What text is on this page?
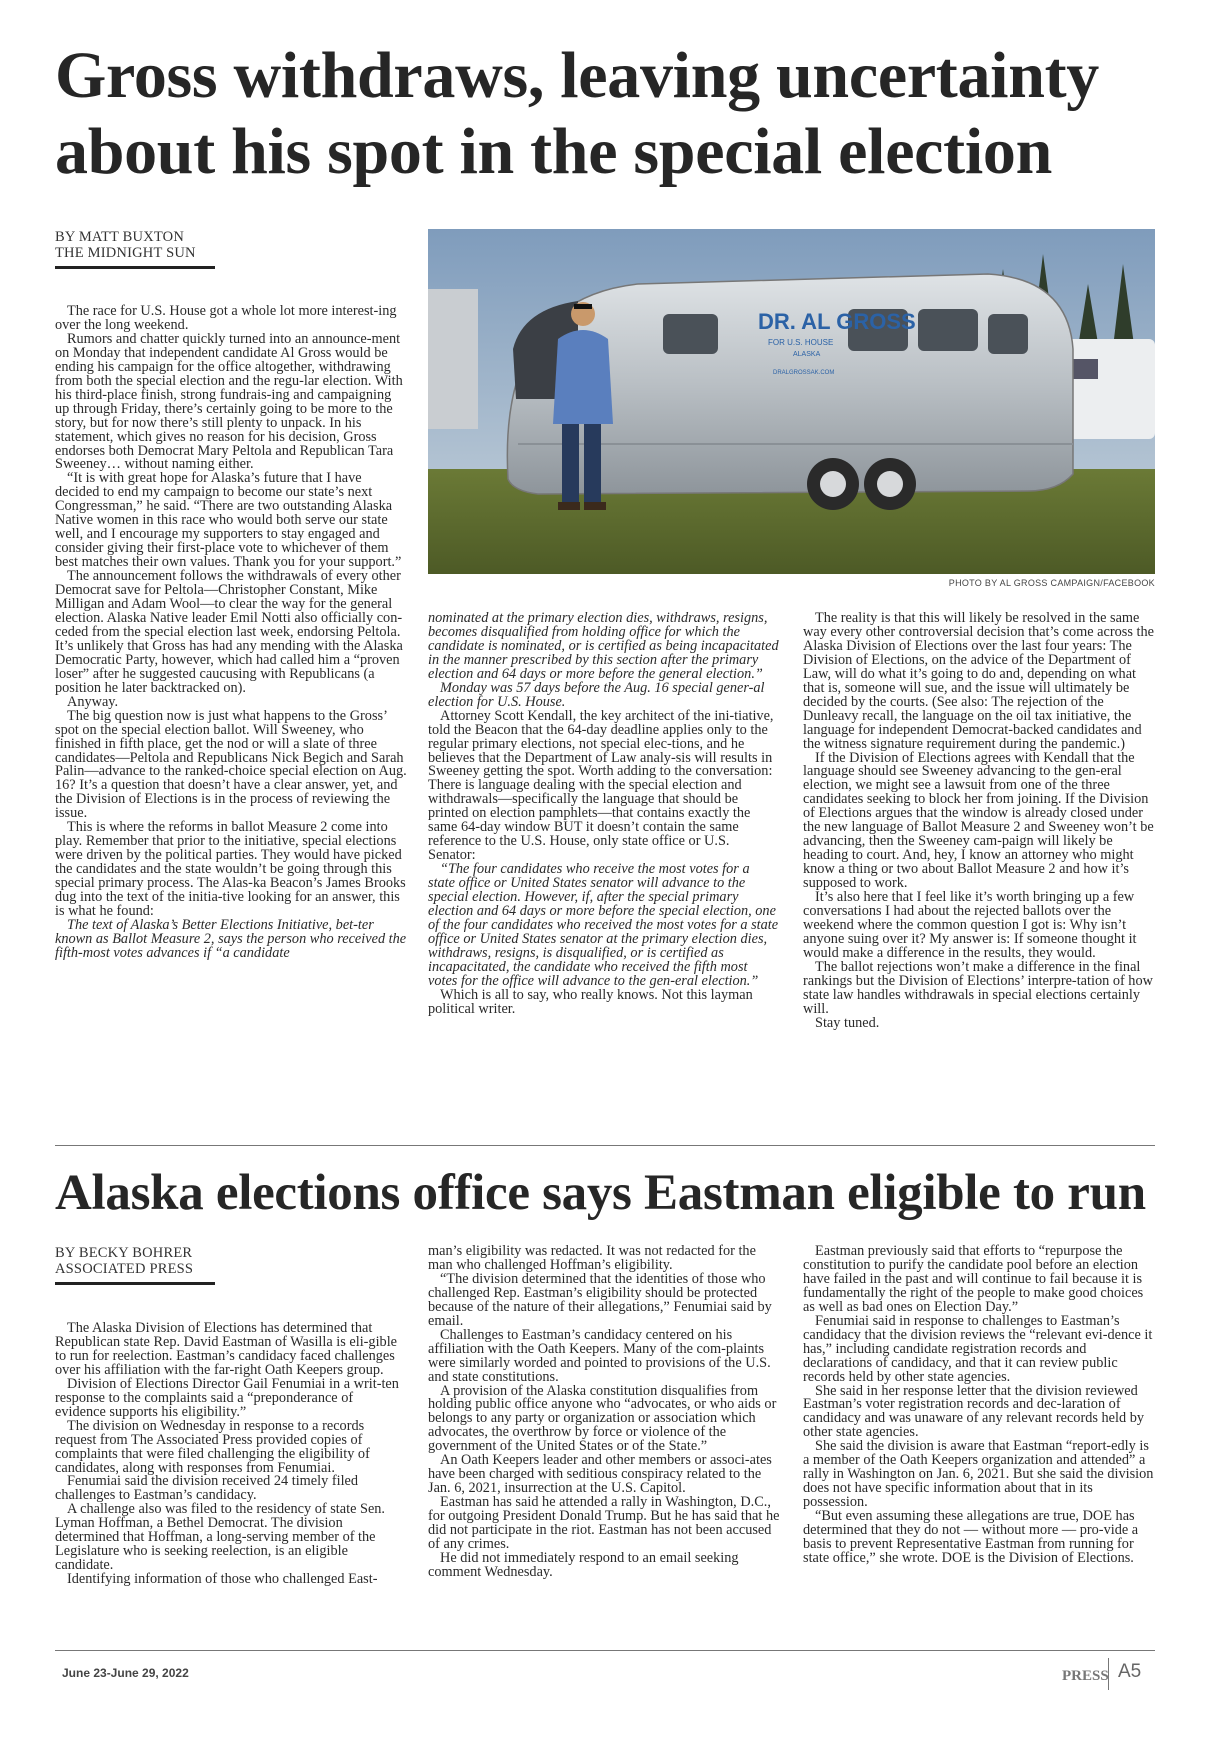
Gross withdraws, leaving uncertainty about his spot in the special election
BY MATT BUXTON
THE MIDNIGHT SUN
DR. AL GROSS
FOR U.S. HOUSE
ALASKA
DRALGROSSAK.COM
PHOTO BY AL GROSS CAMPAIGN/FACEBOOK

The race for U.S. House got a whole lot more interest-ing over the long weekend.

Rumors and chatter quickly turned into an announce-ment on Monday that independent candidate Al Gross would be ending his campaign for the office altogether, withdrawing from both the special election and the regu-lar election. With his third-place finish, strong fundrais-ing and campaigning up through Friday, there’s certainly going to be more to the story, but for now there’s still plenty to unpack. In his statement, which gives no reason for his decision, Gross endorses both Democrat Mary Peltola and Republican Tara Sweeney… without naming either.

“It is with great hope for Alaska’s future that I have decided to end my campaign to become our state’s next Congressman,” he said. “There are two outstanding Alaska Native women in this race who would both serve our state well, and I encourage my supporters to stay engaged and consider giving their first-place vote to whichever of them best matches their own values. Thank you for your support.”

The announcement follows the withdrawals of every other Democrat save for Peltola—Christopher Constant, Mike Milligan and Adam Wool—to clear the way for the general election. Alaska Native leader Emil Notti also officially con-ceded from the special election last week, endorsing Peltola. It’s unlikely that Gross has had any mending with the Alaska Democratic Party, however, which had called him a “proven loser” after he suggested caucusing with Republicans (a position he later backtracked on).

Anyway.

The big question now is just what happens to the Gross’ spot on the special election ballot. Will Sweeney, who finished in fifth place, get the nod or will a slate of three candidates—Peltola and Republicans Nick Begich and Sarah Palin—advance to the ranked-choice special election on Aug. 16? It’s a question that doesn’t have a clear answer, yet, and the Division of Elections is in the process of reviewing the issue.

This is where the reforms in ballot Measure 2 come into play. Remember that prior to the initiative, special elections were driven by the political parties. They would have picked the candidates and the state wouldn’t be going through this special primary process. The Alas-ka Beacon’s James Brooks dug into the text of the initia-tive looking for an answer, this is what he found:

The text of Alaska’s Better Elections Initiative, bet-ter known as Ballot Measure 2, says the person who received the fifth-most votes advances if “a candidate

nominated at the primary election dies, withdraws, resigns, becomes disqualified from holding office for which the candidate is nominated, or is certified as being incapacitated in the manner prescribed by this section after the primary election and 64 days or more before the general election.”

Monday was 57 days before the Aug. 16 special gener-al election for U.S. House.

Attorney Scott Kendall, the key architect of the ini-tiative, told the Beacon that the 64-day deadline applies only to the regular primary elections, not special elec-tions, and he believes that the Department of Law analy-sis will results in Sweeney getting the spot. Worth adding to the conversation: There is language dealing with the special election and withdrawals—specifically the language that should be printed on election pamphlets—that contains exactly the same 64-day window BUT it doesn’t contain the same reference to the U.S. House, only state office or U.S. Senator:

“The four candidates who receive the most votes for a state office or United States senator will advance to the special election. However, if, after the special primary election and 64 days or more before the special election, one of the four candidates who received the most votes for a state office or United States senator at the primary election dies, withdraws, resigns, is disqualified, or is certified as incapacitated, the candidate who received the fifth most votes for the office will advance to the gen-eral election.”

Which is all to say, who really knows. Not this layman political writer.

The reality is that this will likely be resolved in the same way every other controversial decision that’s come across the Alaska Division of Elections over the last four years: The Division of Elections, on the advice of the Department of Law, will do what it’s going to do and, depending on what that is, someone will sue, and the issue will ultimately be decided by the courts. (See also: The rejection of the Dunleavy recall, the language on the oil tax initiative, the language for independent Democrat-backed candidates and the witness signature requirement during the pandemic.)

If the Division of Elections agrees with Kendall that the language should see Sweeney advancing to the gen-eral election, we might see a lawsuit from one of the three candidates seeking to block her from joining. If the Division of Elections argues that the window is already closed under the new language of Ballot Measure 2 and Sweeney won’t be advancing, then the Sweeney cam-paign will likely be heading to court. And, hey, I know an attorney who might know a thing or two about Ballot Measure 2 and how it’s supposed to work.

It’s also here that I feel like it’s worth bringing up a few conversations I had about the rejected ballots over the weekend where the common question I got is: Why isn’t anyone suing over it? My answer is: If someone thought it would make a difference in the results, they would.

The ballot rejections won’t make a difference in the final rankings but the Division of Elections’ interpre-tation of how state law handles withdrawals in special elections certainly will.

Stay tuned.

Alaska elections office says Eastman eligible to run
BY BECKY BOHRER
ASSOCIATED PRESS

The Alaska Division of Elections has determined that Republican state Rep. David Eastman of Wasilla is eli-gible to run for reelection. Eastman’s candidacy faced challenges over his affiliation with the far-right Oath Keepers group.

Division of Elections Director Gail Fenumiai in a writ-ten response to the complaints said a “preponderance of evidence supports his eligibility.”

The division on Wednesday in response to a records request from The Associated Press provided copies of complaints that were filed challenging the eligibility of candidates, along with responses from Fenumiai.

Fenumiai said the division received 24 timely filed challenges to Eastman’s candidacy.

A challenge also was filed to the residency of state Sen. Lyman Hoffman, a Bethel Democrat. The division determined that Hoffman, a long-serving member of the Legislature who is seeking reelection, is an eligible candidate.

Identifying information of those who challenged East-

man’s eligibility was redacted. It was not redacted for the man who challenged Hoffman’s eligibility.

“The division determined that the identities of those who challenged Rep. Eastman’s eligibility should be protected because of the nature of their allegations,” Fenumiai said by email.

Challenges to Eastman’s candidacy centered on his affiliation with the Oath Keepers. Many of the com-plaints were similarly worded and pointed to provisions of the U.S. and state constitutions.

A provision of the Alaska constitution disqualifies from holding public office anyone who “advocates, or who aids or belongs to any party or organization or association which advocates, the overthrow by force or violence of the government of the United States or of the State.”

An Oath Keepers leader and other members or associ-ates have been charged with seditious conspiracy related to the Jan. 6, 2021, insurrection at the U.S. Capitol.

Eastman has said he attended a rally in Washington, D.C., for outgoing President Donald Trump. But he has said that he did not participate in the riot. Eastman has not been accused of any crimes.

He did not immediately respond to an email seeking comment Wednesday.

Eastman previously said that efforts to “repurpose the constitution to purify the candidate pool before an election have failed in the past and will continue to fail because it is fundamentally the right of the people to make good choices as well as bad ones on Election Day.”

Fenumiai said in response to challenges to Eastman’s candidacy that the division reviews the “relevant evi-dence it has,” including candidate registration records and declarations of candidacy, and that it can review public records held by other state agencies.

She said in her response letter that the division reviewed Eastman’s voter registration records and dec-laration of candidacy and was unaware of any relevant records held by other state agencies.

She said the division is aware that Eastman “report-edly is a member of the Oath Keepers organization and attended” a rally in Washington on Jan. 6, 2021. But she said the division does not have specific information about that in its possession.

“But even assuming these allegations are true, DOE has determined that they do not — without more — pro-vide a basis to prevent Representative Eastman from running for state office,” she wrote. DOE is the Division of Elections.

June 23-June 29, 2022	PRESS A5
